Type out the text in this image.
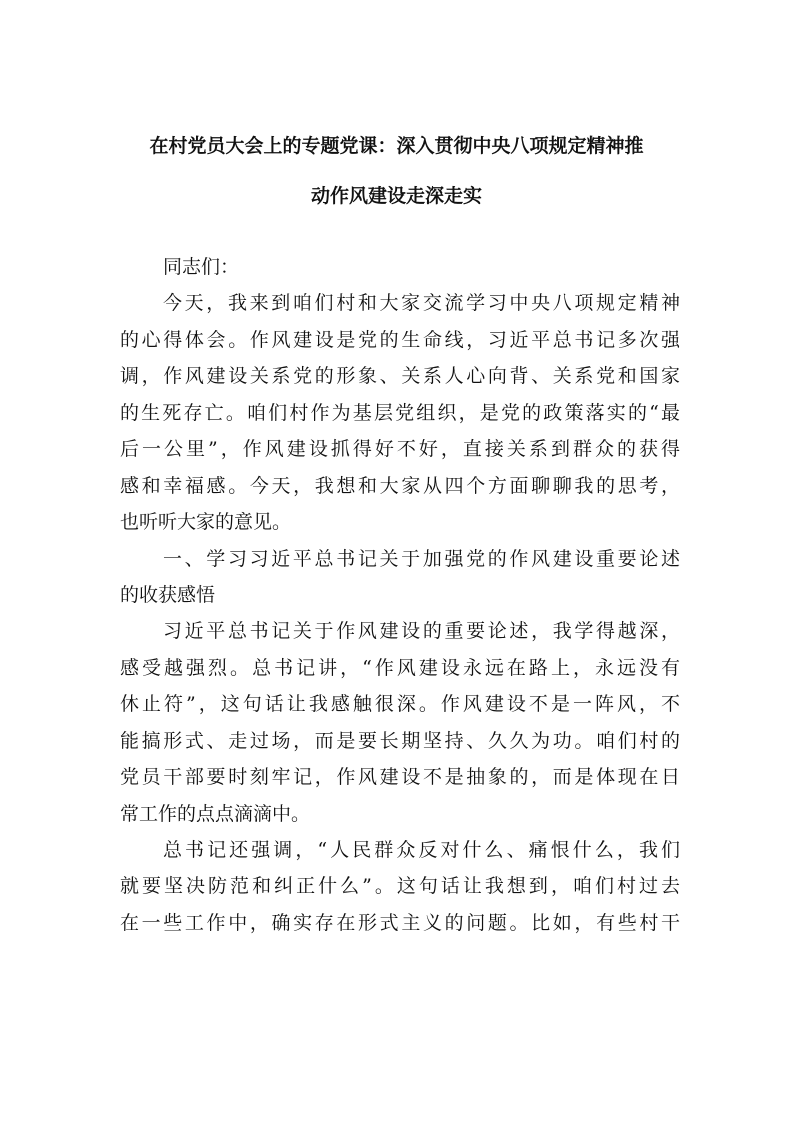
在村党员大会上的专题党课：深入贯彻中央八项规定精神推
动作风建设走深走实
同志们：
今天，我来到咱们村和大家交流学习中央八项规定精神
的心得体会。作风建设是党的生命线，习近平总书记多次强
调，作风建设关系党的形象、关系人心向背、关系党和国家
的生死存亡。咱们村作为基层党组织，是党的政策落实的“最
后一公里”，作风建设抓得好不好，直接关系到群众的获得
感和幸福感。今天，我想和大家从四个方面聊聊我的思考，
也听听大家的意见。
一、学习习近平总书记关于加强党的作风建设重要论述
的收获感悟
习近平总书记关于作风建设的重要论述，我学得越深，
感受越强烈。总书记讲，“作风建设永远在路上，永远没有
休止符”，这句话让我感触很深。作风建设不是一阵风，不
能搞形式、走过场，而是要长期坚持、久久为功。咱们村的
党员干部要时刻牢记，作风建设不是抽象的，而是体现在日
常工作的点点滴滴中。
总书记还强调，“人民群众反对什么、痛恨什么，我们
就要坚决防范和纠正什么”。这句话让我想到，咱们村过去
在一些工作中，确实存在形式主义的问题。比如，有些村干
